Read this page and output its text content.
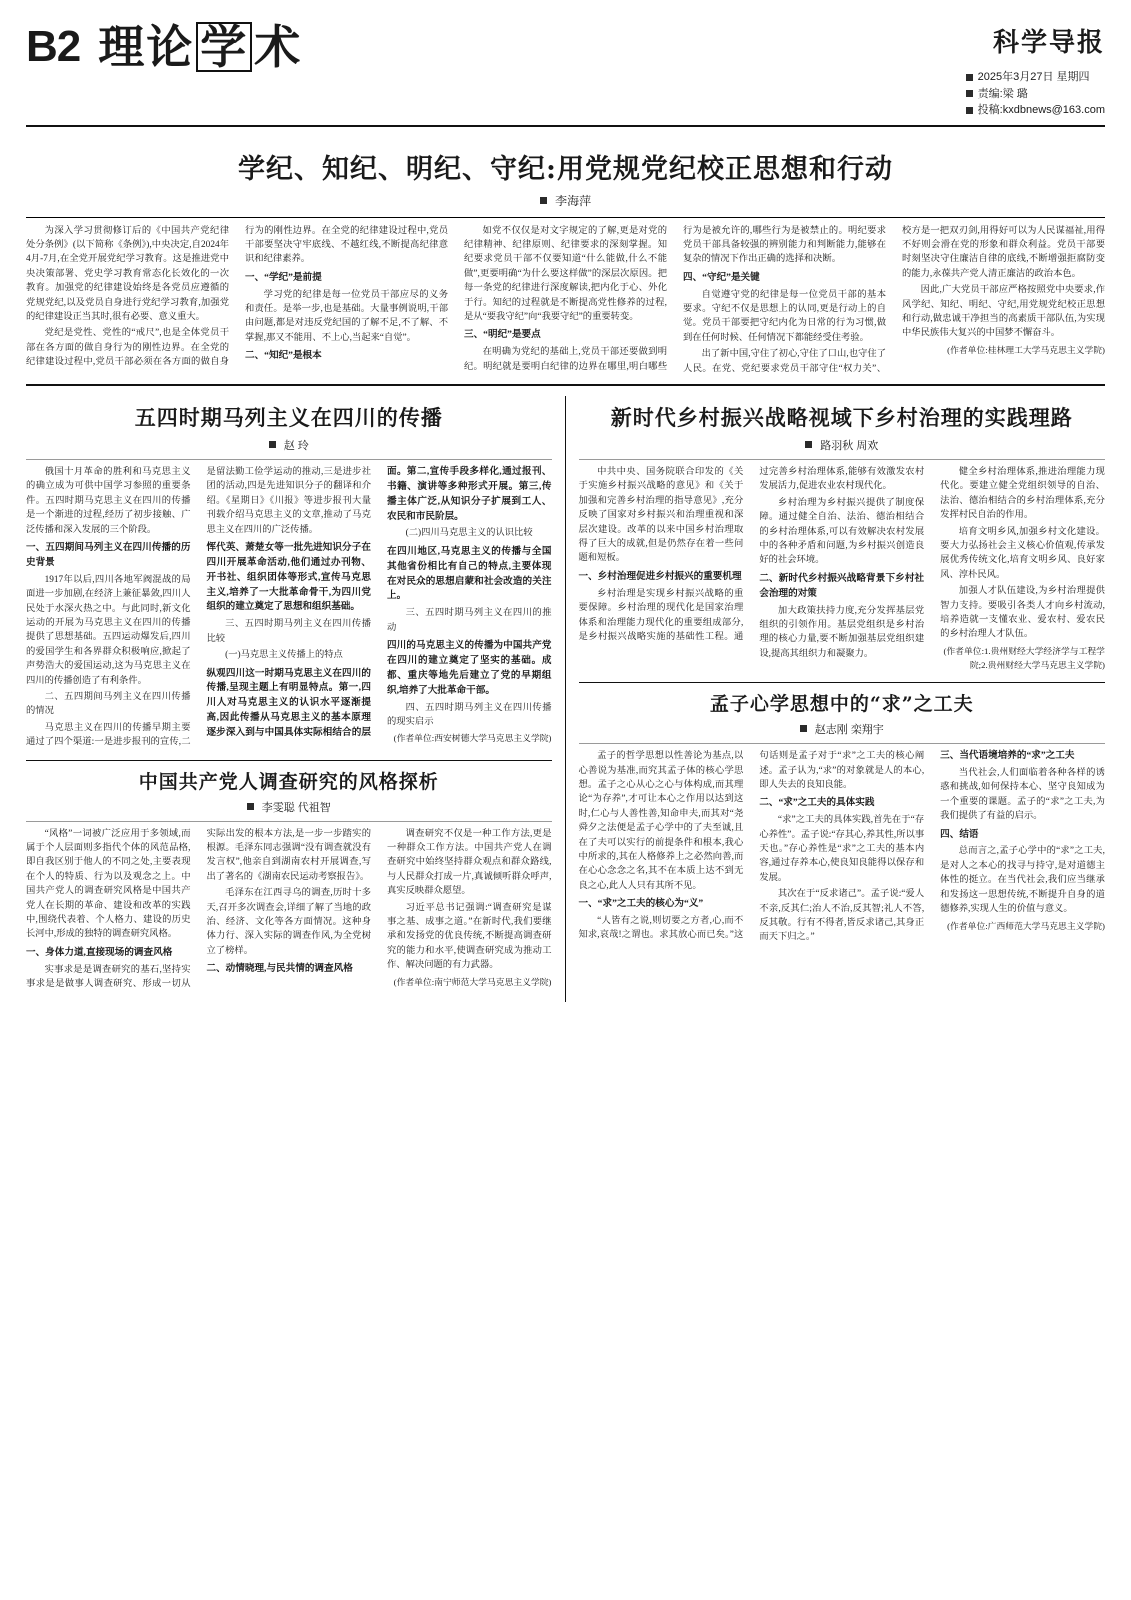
B2 理 论 学 术	科学导报
2025年3月27日 星期四
责编:梁 璐
投稿:kxdbnews@163.com
学纪、知纪、明纪、守纪:用党规党纪校正思想和行动
李海萍

为深入学习贯彻修订后的《中国共产党纪律处分条例》(以下简称《条例》),中央决定,自2024年4月-7月,在全党开展党纪学习教育。这是推进党中央决策部署、党史学习教育常态化长效化的一次教育。加强党的纪律建设始终是各党员应遵循的党规党纪,以及党员自身进行党纪学习教育,加强党的纪律建设正当其时,很有必要、意义重大。

党纪是党性、党性的“戒尺”,也是全体党员干部在各方面的做自身行为的刚性边界。在全党的纪律建设过程中,党员干部必须在各方面的做自身行为的刚性边界。在全党的纪律建设过程中,党员干部要坚决守牢底线、不越红线,不断提高纪律意识和纪律素养。

一、“学纪”是前提

学习党的纪律是每一位党员干部应尽的义务和责任。是举一步,也是基础。大量事例说明,干部由问题,都是对违反党纪国的了解不足,不了解、不掌握,那又不能用、不上心,当起来“自觉”。

二、“知纪”是根本

如党不仅仅是对文字规定的了解,更是对党的纪律精神、纪律原则、纪律要求的深刻掌握。知纪要求党员干部不仅要知道“什么能做,什么不能做”,更要明确“为什么要这样做”的深层次原因。把每一条党的纪律进行深度解读,把内化于心、外化于行。知纪的过程就是不断提高党性修养的过程,是从“要我守纪”向“我要守纪”的重要转变。

三、“明纪”是要点

在明确为党纪的基础上,党员干部还要做到明纪。明纪就是要明白纪律的边界在哪里,明白哪些行为是被允许的,哪些行为是被禁止的。明纪要求党员干部具备较强的辨别能力和判断能力,能够在复杂的情况下作出正确的选择和决断。

四、“守纪”是关键

自觉遵守党的纪律是每一位党员干部的基本要求。守纪不仅是思想上的认同,更是行动上的自觉。党员干部要把守纪内化为日常的行为习惯,做到在任何时候、任何情况下都能经受住考验。

出了新中国,守住了初心,守住了口山,也守住了人民。在党、党纪要求党员干部守住“权力关”、校方是一把双刃剑,用得好可以为人民谋福祉,用得不好则会滑在党的形象和群众利益。党员干部要时刻坚决守住廉洁自律的底线,不断增强拒腐防变的能力,永葆共产党人清正廉洁的政治本色。

因此,广大党员干部应严格按照党中央要求,作风学纪、知纪、明纪、守纪,用党规党纪校正思想和行动,做忠诚干净担当的高素质干部队伍,为实现中华民族伟大复兴的中国梦不懈奋斗。

(作者单位:桂林理工大学马克思主义学院)
五四时期马列主义在四川的传播
赵 玲

俄国十月革命的胜利和马克思主义的确立成为可供中国学习参照的重要条件。五四时期马克思主义在四川的传播是一个渐进的过程,经历了初步接触、广泛传播和深入发展的三个阶段。

一、五四期间马列主义在四川传播的历史背景

1917年以后,四川各地军阀混战的局面进一步加剧,在经济上兼征暴敛,四川人民处于水深火热之中。与此同时,新文化运动的开展为马克思主义在四川的传播提供了思想基础。五四运动爆发后,四川的爱国学生和各界群众积极响应,掀起了声势浩大的爱国运动,这为马克思主义在四川的传播创造了有利条件。

二、五四期间马列主义在四川传播的情况

马克思主义在四川的传播早期主要通过了四个渠道:一是进步报刊的宣传,二是留法勤工俭学运动的推动,三是进步社团的活动,四是先进知识分子的翻译和介绍。《星期日》《川报》等进步报刊大量刊载介绍马克思主义的文章,推动了马克思主义在四川的广泛传播。

恽代英、萧楚女等一批先进知识分子在四川开展革命活动,他们通过办刊物、开书社、组织团体等形式,宣传马克思主义,培养了一大批革命骨干,为四川党组织的建立奠定了思想和组织基础。

三、五四时期马列主义在四川传播比较

(一)马克思主义传播上的特点

纵观四川这一时期马克思主义在四川的传播,呈现主题上有明显特点。第一,四川人对马克思主义的认识水平逐渐提高,因此传播从马克思主义的基本原理逐步深入到与中国具体实际相结合的层面。第二,宣传手段多样化,通过报刊、书籍、演讲等多种形式开展。第三,传播主体广泛,从知识分子扩展到工人、农民和市民阶层。

(二)四川马克思主义的认识比较

在四川地区,马克思主义的传播与全国其他省份相比有自己的特点,主要体现在对民众的思想启蒙和社会改造的关注上。

三、五四时期马列主义在四川的推动

四川的马克思主义的传播为中国共产党在四川的建立奠定了坚实的基础。成都、重庆等地先后建立了党的早期组织,培养了大批革命干部。

四、五四时期马列主义在四川传播的现实启示

(作者单位:西安树德大学马克思主义学院)
中国共产党人调查研究的风格探析
李雯聪 代祖智

“风格”一词被广泛应用于多领域,而属于个人层面则多指代个体的风范品格,即自我区别于他人的不同之处,主要表现在个人的特质、行为以及观念之上。中国共产党人的调查研究风格是中国共产党人在长期的革命、建设和改革的实践中,围绕代表着、个人格力、建设的历史长河中,形成的独特的调查研究风格。

一、身体力道,直接现场的调查风格

实事求是是调查研究的基石,坚持实事求是是做事人调查研究、形成一切从实际出发的根本方法,是一步一步踏实的根源。毛泽东同志强调“没有调查就没有发言权”,他亲自到湖南农村开展调查,写出了著名的《湖南农民运动考察报告》。

毛泽东在江西寻乌的调查,历时十多天,召开多次调查会,详细了解了当地的政治、经济、文化等各方面情况。这种身体力行、深入实际的调查作风,为全党树立了榜样。

二、动情晓理,与民共情的调查风格

调查研究不仅是一种工作方法,更是一种群众工作方法。中国共产党人在调查研究中始终坚持群众观点和群众路线,与人民群众打成一片,真诚倾听群众呼声,真实反映群众愿望。

习近平总书记强调:“调查研究是谋事之基、成事之道。”在新时代,我们要继承和发扬党的优良传统,不断提高调查研究的能力和水平,使调查研究成为推动工作、解决问题的有力武器。

(作者单位:南宁师范大学马克思主义学院)
新时代乡村振兴战略视域下乡村治理的实践理路
路羽秋 周欢

中共中央、国务院联合印发的《关于实施乡村振兴战略的意见》和《关于加强和完善乡村治理的指导意见》,充分反映了国家对乡村振兴和治理重视和深层次建设。改革的以来中国乡村治理取得了巨大的成就,但是仍然存在着一些问题和短板。

一、乡村治理促进乡村振兴的重要机理

乡村治理是实现乡村振兴战略的重要保障。乡村治理的现代化是国家治理体系和治理能力现代化的重要组成部分,是乡村振兴战略实施的基础性工程。通过完善乡村治理体系,能够有效激发农村发展活力,促进农业农村现代化。

乡村治理为乡村振兴提供了制度保障。通过健全自治、法治、德治相结合的乡村治理体系,可以有效解决农村发展中的各种矛盾和问题,为乡村振兴创造良好的社会环境。

二、新时代乡村振兴战略背景下乡村社会治理的对策

加大政策扶持力度,充分发挥基层党组织的引领作用。基层党组织是乡村治理的核心力量,要不断加强基层党组织建设,提高其组织力和凝聚力。

健全乡村治理体系,推进治理能力现代化。要建立健全党组织领导的自治、法治、德治相结合的乡村治理体系,充分发挥村民自治的作用。

培育文明乡风,加强乡村文化建设。要大力弘扬社会主义核心价值观,传承发展优秀传统文化,培育文明乡风、良好家风、淳朴民风。

加强人才队伍建设,为乡村治理提供智力支持。要吸引各类人才向乡村流动,培养造就一支懂农业、爱农村、爱农民的乡村治理人才队伍。

(作者单位:1.贵州财经大学经济学与工程学院;2.贵州财经大学马克思主义学院)
孟子心学思想中的“求”之工夫
赵志刚 栾翔宇

孟子的哲学思想以性善论为基点,以心善说为基准,而究其孟子体的核心学思想。孟子之心从心之心与体构成,而其理论“为存养”,才可让本心之作用以达到这时,仁心与人善性善,知命申夫,而其对“尧舜夕之法便是孟子心学中的了夫至诚,且在了夫可以实行的前提条件和根本,我心中所求的,其在人格修养上之必然向善,而在心心念念之名,其不在本质上达不到无良之心,此人人只有其所不见。

一、“求”之工夫的核心为“义”

“人皆有之说,则切要之方者,心,而不知求,哀哉!之谓也。求其放心而已矣。”这句话则是孟子对于“求”之工夫的核心阐述。孟子认为,“求”的对象就是人的本心,即人失去的良知良能。

二、“求”之工夫的具体实践

“求”之工夫的具体实践,首先在于“存心养性”。孟子说:“存其心,养其性,所以事天也。”存心养性是“求”之工夫的基本内容,通过存养本心,使良知良能得以保存和发展。

其次在于“反求诸己”。孟子说:“爱人不亲,反其仁;治人不治,反其智;礼人不答,反其敬。行有不得者,皆反求诸己,其身正而天下归之。”

三、当代语境培养的“求”之工夫

当代社会,人们面临着各种各样的诱惑和挑战,如何保持本心、坚守良知成为一个重要的课题。孟子的“求”之工夫,为我们提供了有益的启示。

四、结语

总而言之,孟子心学中的“求”之工夫,是对人之本心的找寻与持守,是对道德主体性的挺立。在当代社会,我们应当继承和发扬这一思想传统,不断提升自身的道德修养,实现人生的价值与意义。

(作者单位:广西师范大学马克思主义学院)
